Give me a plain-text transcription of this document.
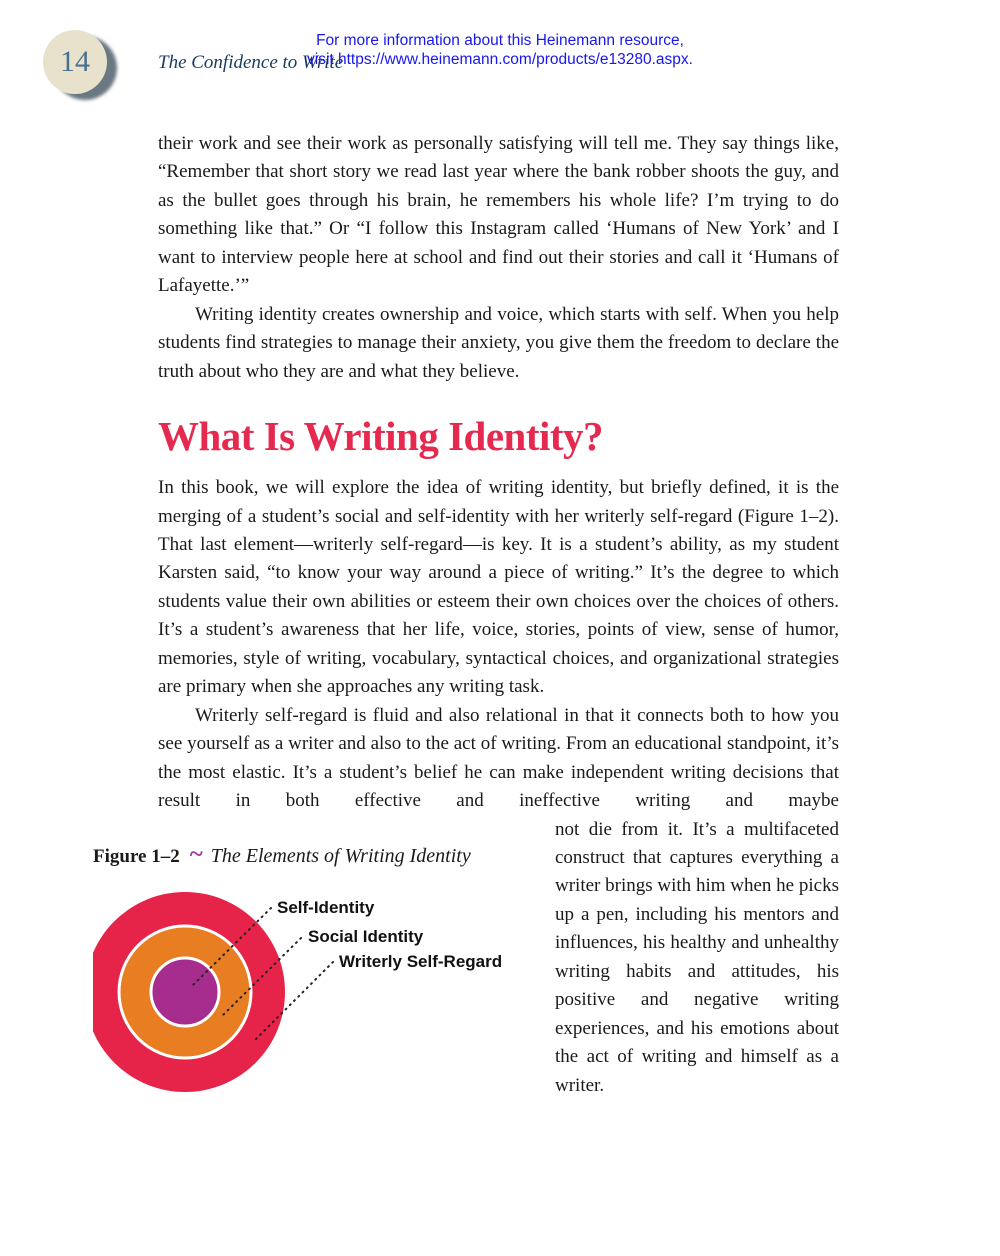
14	The Confidence to Write
For more information about this Heinemann resource,
visit https://www.heinemann.com/products/e13280.aspx.

their work and see their work as personally satisfying will tell me. They say things like, “Remember that short story we read last year where the bank robber shoots the guy, and as the bullet goes through his brain, he remembers his whole life? I’m trying to do something like that.” Or “I follow this Instagram called ‘Humans of New York’ and I want to interview people here at school and find out their stories and call it ‘Humans of Lafayette.’”

Writing identity creates ownership and voice, which starts with self. When you help students find strategies to manage their anxiety, you give them the freedom to declare the truth about who they are and what they believe.

What Is Writing Identity?

In this book, we will explore the idea of writing identity, but briefly defined, it is the merging of a student’s social and self-identity with her writerly self-regard (Figure 1–2). That last element—writerly self-regard—is key. It is a student’s ability, as my student Karsten said, “to know your way around a piece of writing.” It’s the degree to which students value their own abilities or esteem their own choices over the choices of others. It’s a student’s awareness that her life, voice, stories, points of view, sense of humor, memories, style of writing, vocabulary, syntactical choices, and organizational strategies are primary when she approaches any writing task.

Writerly self-regard is fluid and also relational in that it connects both to how you see yourself as a writer and also to the act of writing. From an educational standpoint, it’s the most elastic. It’s a student’s belief he can make independent writing decisions that result in both effective and ineffective writing and maybe

Figure 1–2 ~ The Elements of Writing Identity
Self-Identity
Social Identity
Writerly Self-Regard

not die from it. It’s a multifaceted construct that captures everything a writer brings with him when he picks up a pen, including his mentors and influences, his healthy and unhealthy writing habits and attitudes, his positive and negative writing experiences, and his emotions about the act of writing and himself as a writer.
